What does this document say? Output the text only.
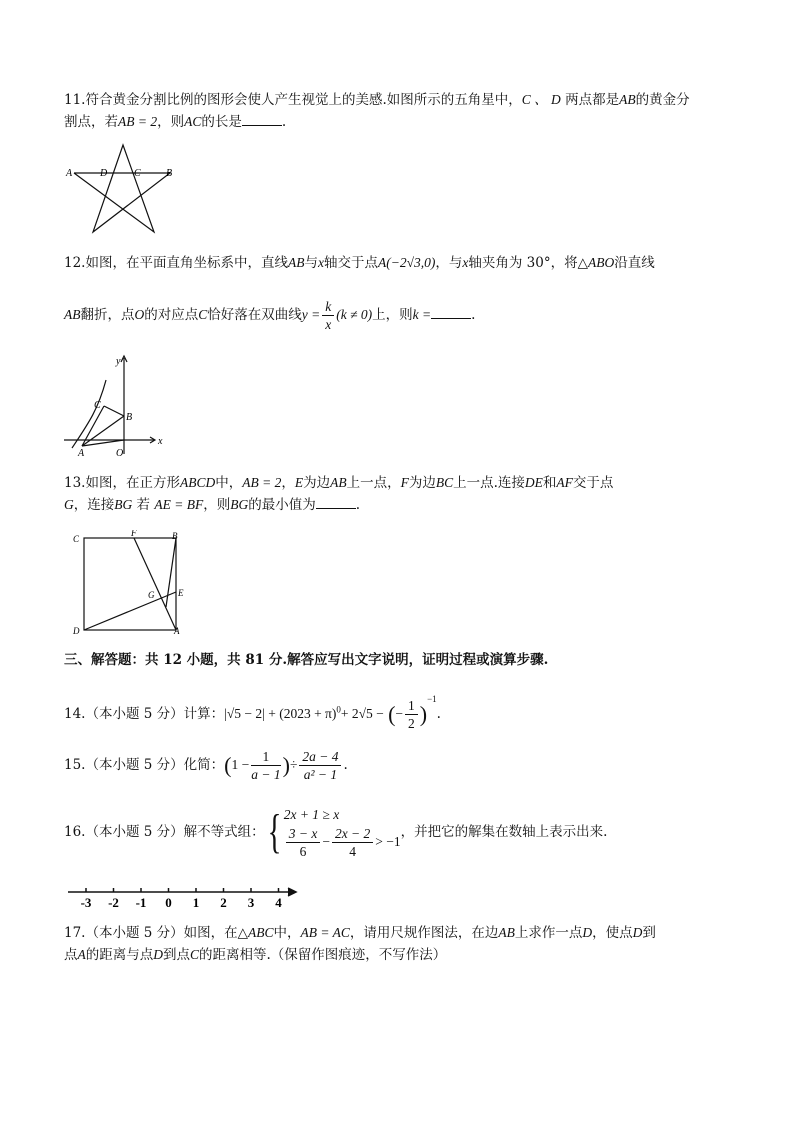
11.符合黄金分割比例的图形会使人产生视觉上的美感.如图所示的五角星中，C 、 D 两点都是AB的黄金分
割点，若AB = 2，则AC的长是	.
A	D	C	B
12.如图，在平面直角坐标系中，直线AB与x轴交于点A(−2√3,0)，与x轴夹角为 30°，将△ABO沿直线
AB翻折，点O的对应点C恰好落在双曲线$y = \frac{k}{x} (k \ne 0)$上，则k =	.
y
x
C
B
A	O
13.如图，在正方形ABCD中，AB = 2，E为边AB上一点，F为边BC上一点.连接DE和AF交于点
G，连接BG 若 AE = BF，则BG的最小值为	.
C
F	B
G	E
D	A
三、解答题：共 12 小题，共 81 分.解答应写出文字说明，证明过程或演算步骤.
14.（本小题 5 分）计算：$|√5 - 2| + (2023 + \pi)^0+ 2√5$ − (− $\frac{1}{2} )^{-1}$.
15.（本小题 5 分）化简：($1 - \frac{1}{a - 1}$ )÷ $\frac{2a - 4}{\text{a² − 1}}$ .
16.（本小题 5 分）解不等式组： { 2x + 1 ≥ x
$\frac{3 - x}{6} - \frac{2x - 2}{4} > -1$
，并把它的解集在数轴上表示出来.
-3 -2 -1 0 1 2 3 4
17.（本小题 5 分）如图，在△ABC中，AB = AC，请用尺规作图法，在边AB上求作一点D，使点D到
点A的距离与点D到点C的距离相等.（保留作图痕迹，不写作法）
